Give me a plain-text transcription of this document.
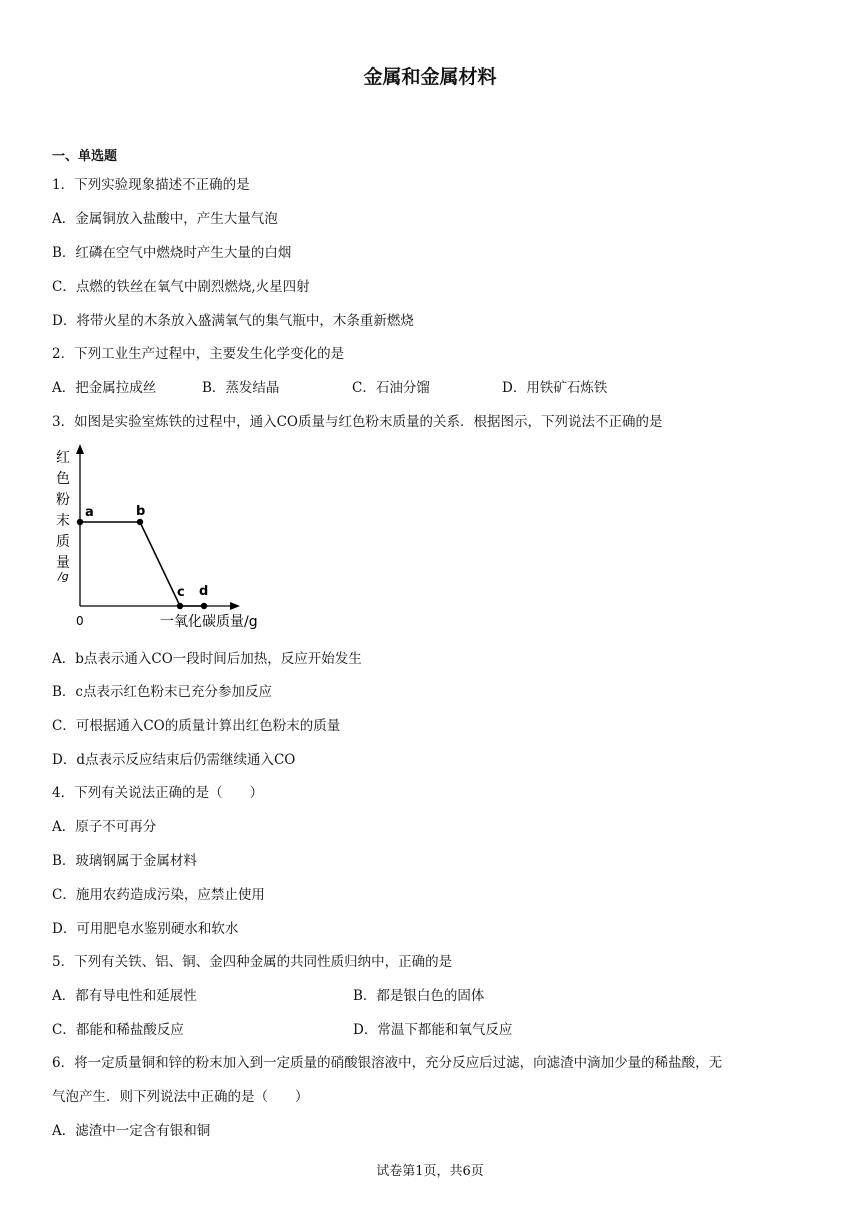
金属和金属材料
一、单选题
1．下列实验现象描述不正确的是
A．金属铜放入盐酸中，产生大量气泡
B．红磷在空气中燃烧时产生大量的白烟
C．点燃的铁丝在氧气中剧烈燃烧,火星四射
D．将带火星的木条放入盛满氧气的集气瓶中，木条重新燃烧
2．下列工业生产过程中，主要发生化学变化的是
A．把金属拉成丝	B．蒸发结晶	C．石油分馏	D．用铁矿石炼铁
3．如图是实验室炼铁的过程中，通入CO质量与红色粉末质量的关系．根据图示，下列说法不正确的是
红
色
粉
末
质
量
/g
a	b
c d
0	一氧化碳质量/g
A．b点表示通入CO一段时间后加热，反应开始发生
B．c点表示红色粉末已充分参加反应
C．可根据通入CO的质量计算出红色粉末的质量
D．d点表示反应结束后仍需继续通入CO
4．下列有关说法正确的是（　　）
A．原子不可再分
B．玻璃钢属于金属材料
C．施用农药造成污染，应禁止使用
D．可用肥皂水鉴别硬水和软水
5．下列有关铁、铝、铜、金四种金属的共同性质归纳中，正确的是
A．都有导电性和延展性	B．都是银白色的固体
C．都能和稀盐酸反应	D．常温下都能和氧气反应
6．将一定质量铜和锌的粉末加入到一定质量的硝酸银溶液中，充分反应后过滤，向滤渣中滴加少量的稀盐酸，无
气泡产生．则下列说法中正确的是（　　）
A．滤渣中一定含有银和铜
试卷第1页，共6页
